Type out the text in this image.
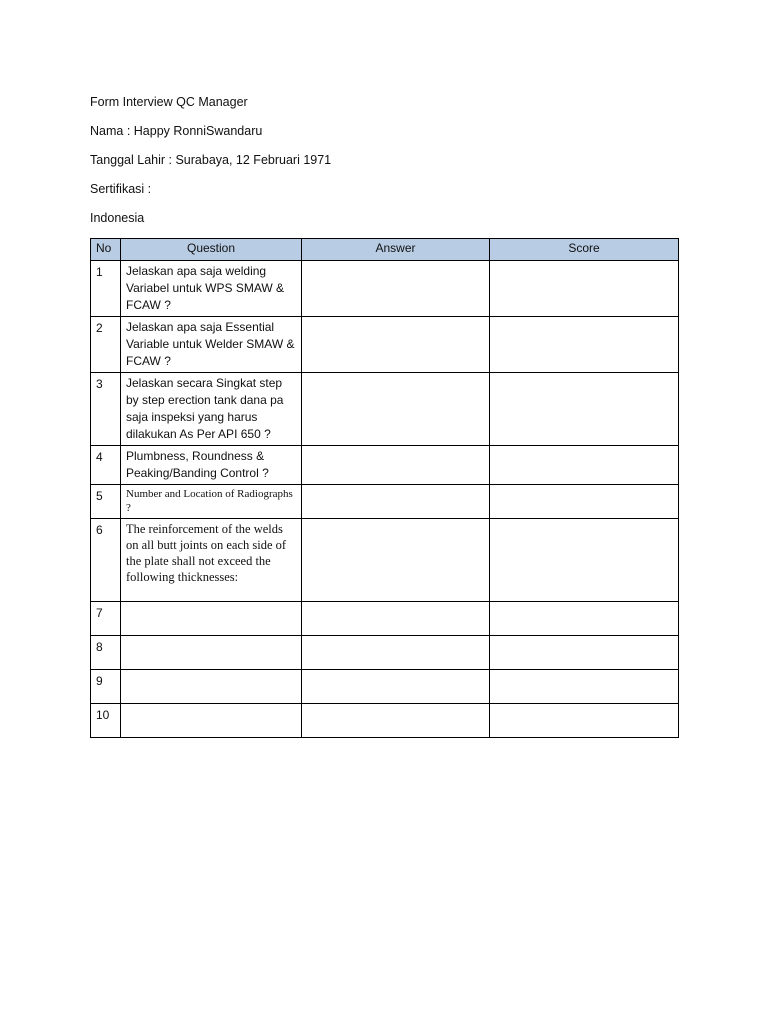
Form Interview QC Manager
Nama : Happy RonniSwandaru
Tanggal Lahir : Surabaya, 12 Februari 1971
Sertifikasi :
Indonesia
No	Question	Answer	Score
1	Jelaskan apa saja welding Variabel untuk WPS SMAW & FCAW ?		
2	Jelaskan apa saja Essential Variable untuk Welder SMAW & FCAW ?		
3	Jelaskan secara Singkat step by step erection tank dana pa saja inspeksi yang harus dilakukan As Per API 650 ?		
4	Plumbness, Roundness & Peaking/Banding Control ?		
5	Number and Location of Radiographs ?		
6	The reinforcement of the welds on all butt joints on each side of the plate shall not exceed the following thicknesses:		
7			
8			
9			
10			
